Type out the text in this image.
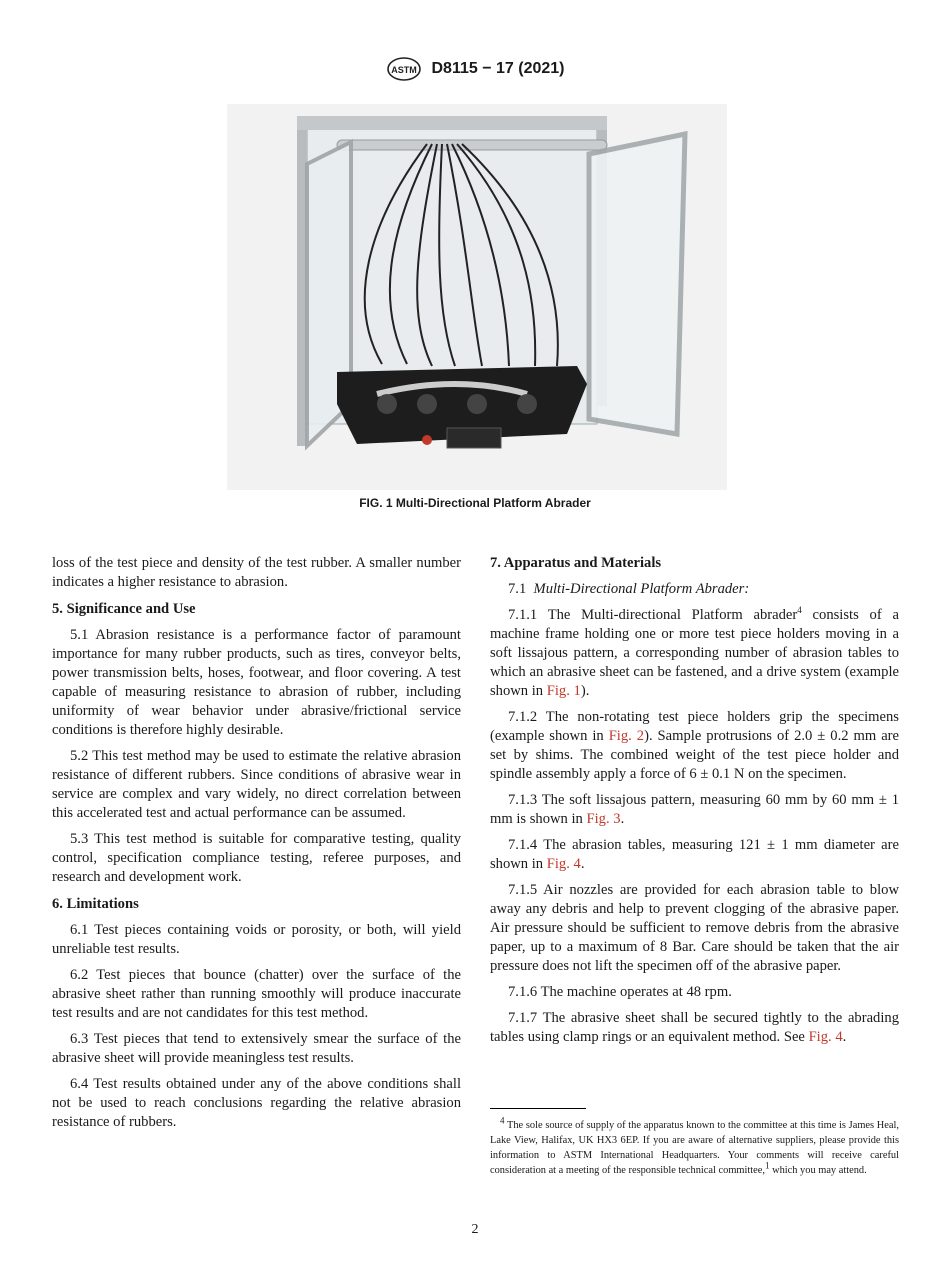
ASTM D8115 − 17 (2021)
FIG. 1 Multi-Directional Platform Abrader

loss of the test piece and density of the test rubber. A smaller number indicates a higher resistance to abrasion.

5. Significance and Use

5.1 Abrasion resistance is a performance factor of paramount importance for many rubber products, such as tires, conveyor belts, power transmission belts, hoses, footwear, and floor covering. A test capable of measuring resistance to abrasion of rubber, including uniformity of wear behavior under abrasive/frictional service conditions is therefore highly desirable.

5.2 This test method may be used to estimate the relative abrasion resistance of different rubbers. Since conditions of abrasive wear in service are complex and vary widely, no direct correlation between this accelerated test and actual performance can be assumed.

5.3 This test method is suitable for comparative testing, quality control, specification compliance testing, referee purposes, and research and development work.

6. Limitations

6.1 Test pieces containing voids or porosity, or both, will yield unreliable test results.

6.2 Test pieces that bounce (chatter) over the surface of the abrasive sheet rather than running smoothly will produce inaccurate test results and are not candidates for this test method.

6.3 Test pieces that tend to extensively smear the surface of the abrasive sheet will provide meaningless test results.

6.4 Test results obtained under any of the above conditions shall not be used to reach conclusions regarding the relative abrasion resistance of rubbers.

7. Apparatus and Materials

7.1 Multi-Directional Platform Abrader:

7.1.1 The Multi-directional Platform abrader$^4$ consists of a machine frame holding one or more test piece holders moving in a soft lissajous pattern, a corresponding number of abrasion tables to which an abrasive sheet can be fastened, and a drive system (example shown in Fig. 1).

7.1.2 The non-rotating test piece holders grip the specimens (example shown in Fig. 2). Sample protrusions of 2.0 ± 0.2 mm are set by shims. The combined weight of the test piece holder and spindle assembly apply a force of 6 ± 0.1 N on the specimen.

7.1.3 The soft lissajous pattern, measuring 60 mm by 60 mm ± 1 mm is shown in Fig. 3.

7.1.4 The abrasion tables, measuring 121 ± 1 mm diameter are shown in Fig. 4.

7.1.5 Air nozzles are provided for each abrasion table to blow away any debris and help to prevent clogging of the abrasive paper. Air pressure should be sufficient to remove debris from the abrasive paper, up to a maximum of 8 Bar. Care should be taken that the air pressure does not lift the specimen off of the abrasive paper.

7.1.6 The machine operates at 48 rpm.

7.1.7 The abrasive sheet shall be secured tightly to the abrading tables using clamp rings or an equivalent method. See Fig. 4.

$^4$ The sole source of supply of the apparatus known to the committee at this time is James Heal, Lake View, Halifax, UK HX3 6EP. If you are aware of alternative suppliers, please provide this information to ASTM International Headquarters. Your comments will receive careful consideration at a meeting of the responsible technical committee,$^1$ which you may attend.

2
